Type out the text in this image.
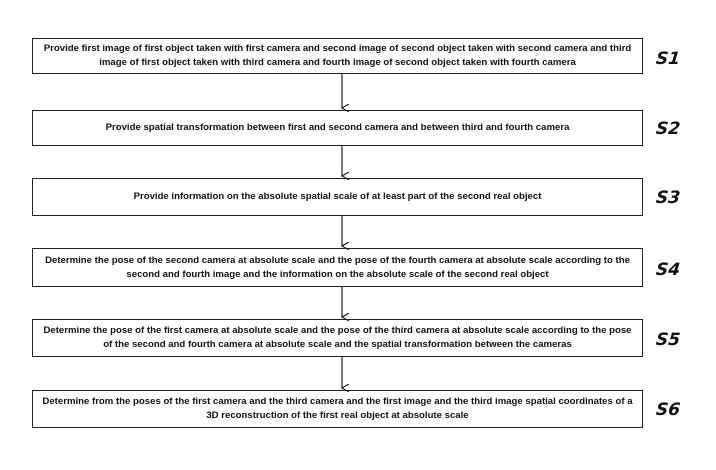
Provide first image of first object taken with first camera and second image of second object taken with second camera and third image of first object taken with third camera and fourth image of second object taken with fourth camera	S1
Provide spatial transformation between first and second camera and between third and fourth camera	S2
Provide information on the absolute spatial scale of at least part of the second real object	S3
Determine the pose of the second camera at absolute scale and the pose of the fourth camera at absolute scale according to the second and fourth image and the information on the absolute scale of the second real object	S4
Determine the pose of the first camera at absolute scale and the pose of the third camera at absolute scale according to the pose of the second and fourth camera at absolute scale and the spatial transformation between the cameras	S5
Determine from the poses of the first camera and the third camera and the first image and the third image spatial coordinates of a 3D reconstruction of the first real object at absolute scale	S6
